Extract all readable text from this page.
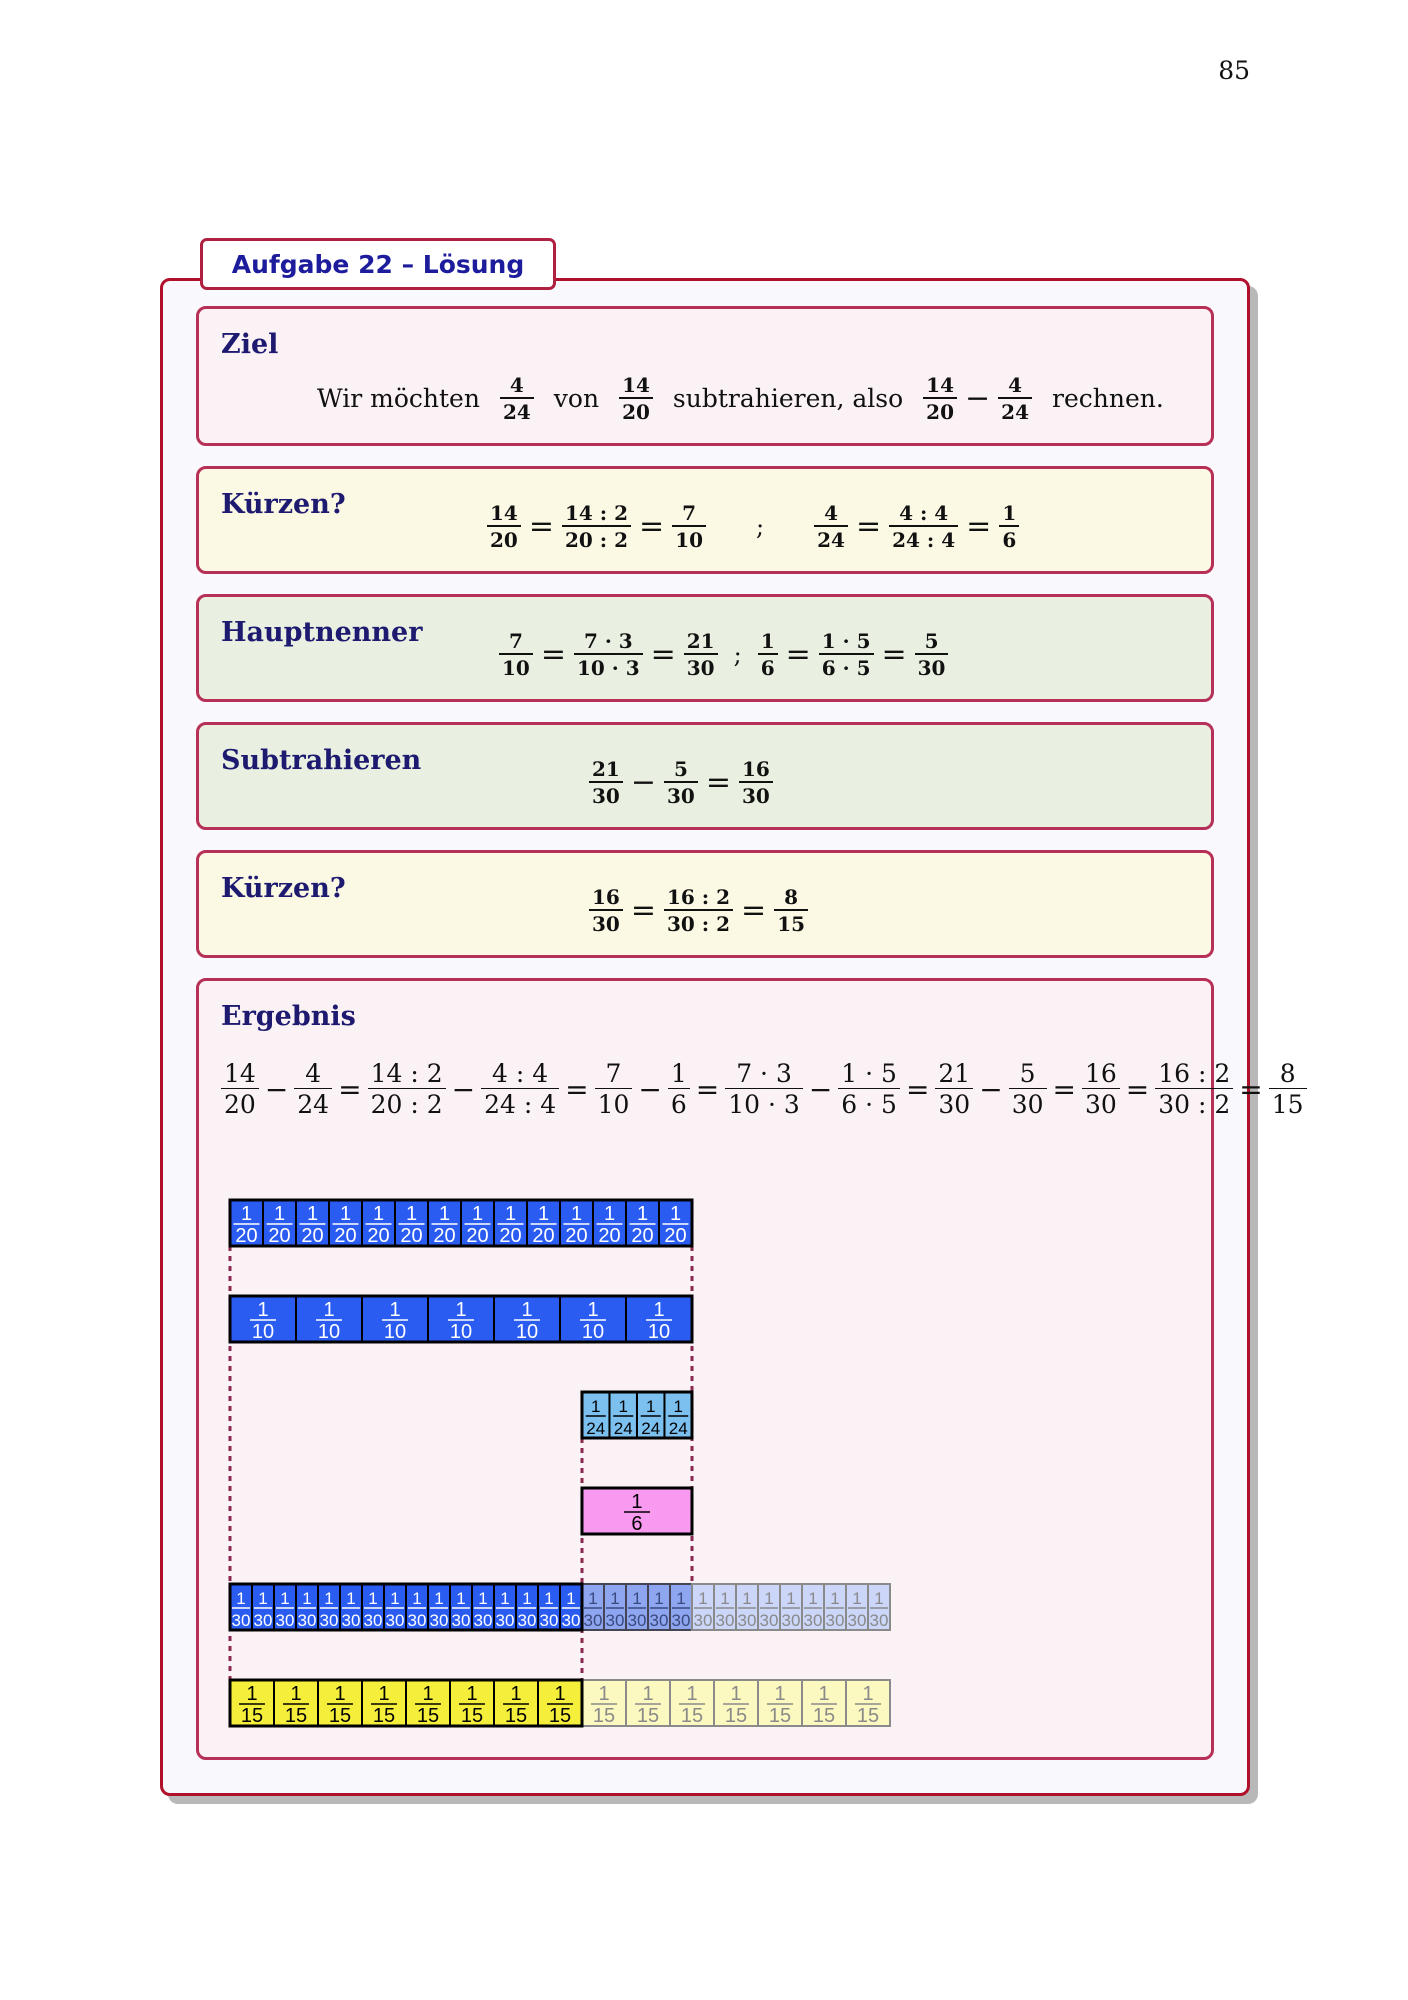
85
Aufgabe 22 – Lösung
Ziel
Wir möchten $\frac{4}{24}$ von $\frac{14}{20}$ subtrahieren, also $\frac{14}{20} - \frac{4}{24}$ rechnen.
Kürzen?	$\frac{14}{20} = \frac{14 : 2}{20 : 2} = \frac{7}{10}$ ;	$\frac{4}{24} = \frac{4 : 4}{24 : 4} = \frac{1}{6}$
Hauptnenner	$\frac{7}{10} = \frac{7 \cdot 3}{10 \cdot 3} = \frac{21}{30}$ ; $\frac{1}{6} = \frac{1 \cdot 5}{6 \cdot 5} = \frac{5}{30}$
Subtrahieren	$\frac{21}{30} - \frac{5}{30} = \frac{16}{30}$
Kürzen?	$\frac{16}{30} = \frac{16 : 2}{30 : 2} = \frac{8}{15}$
Ergebnis
$\frac{14}{20} - \frac{4}{24} = \frac{14 : 2}{20 : 2} - \frac{4 : 4}{24 : 4} = \frac{7}{10} - \frac{1}{6} = \frac{7 \cdot 3}{10 \cdot 3} - \frac{1 \cdot 5}{6 \cdot 5} = \frac{21}{30} - \frac{5}{30} = \frac{16}{30} = \frac{16 : 2}{30 : 2} = \frac{8}{15}$
1
20
1
20
1
20
1
20
1
20
1
20
1
20
1
20
1
20
1
20
1
20
1
20
1
20
1
20
1
10
1
10
1
10
1
10
1
10
1
10
1
10
1
24
1
24
1
24
1
24
1
6
1
30
1
30
1
30
1
30
1
30
1
30
1
30
1
30
1
30
1
30
1
30
1
30
1
30
1
30
1
30
1
30
1
30
1
30
1
30
1
30
1
30
1
30
1
30
1
30
1
30
1
30
1
30
1
30
1
30
1
30
1
15
1
15
1
15
1
15
1
15
1
15
1
15
1
15
1
15
1
15
1
15
1
15
1
15
1
15
1
15
